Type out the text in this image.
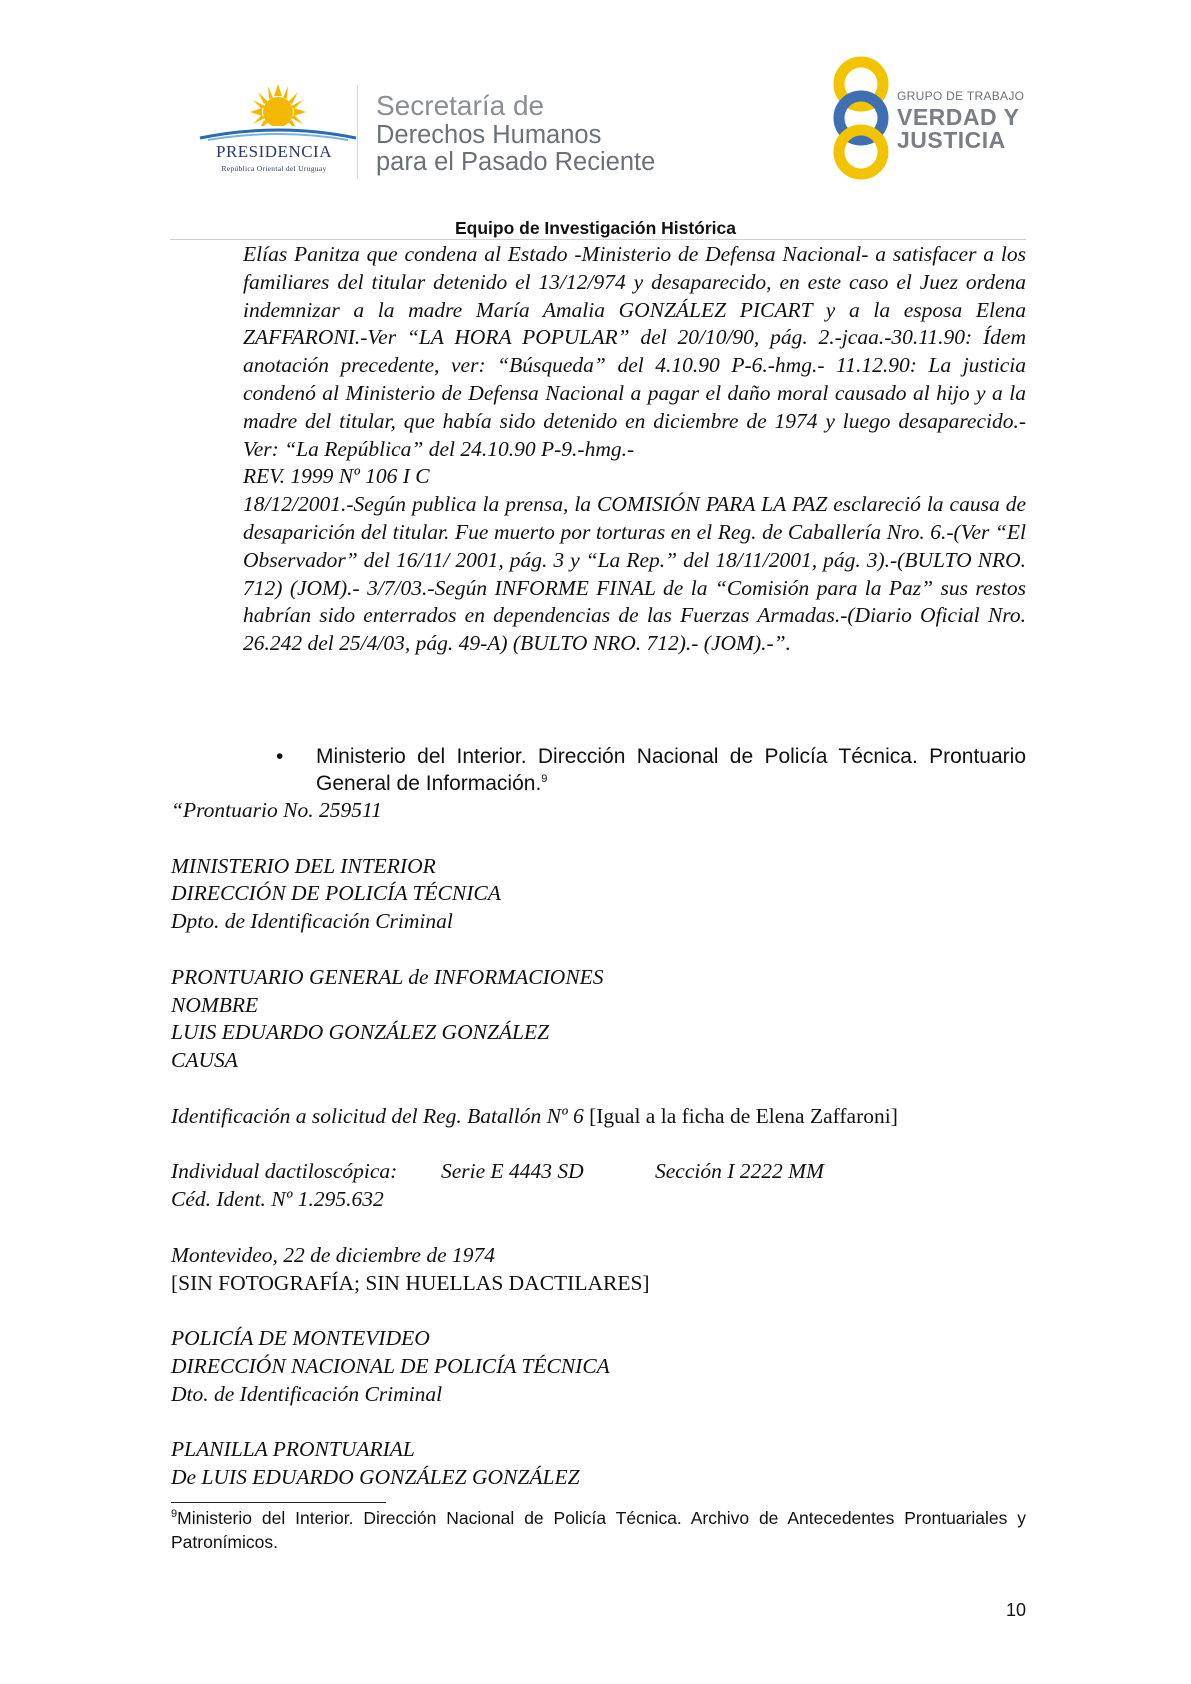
PRESIDENCIA
República Oriental del Uruguay
Secretaría de
Derechos Humanos
para el Pasado Reciente
GRUPO DE TRABAJO
VERDAD Y
JUSTICIA
Equipo de Investigación Histórica

Elías Panitza que condena al Estado -Ministerio de Defensa Nacional- a satisfacer a los familiares del titular detenido el 13/12/974 y desaparecido, en este caso el Juez ordena indemnizar a la madre María Amalia GONZÁLEZ PICART y a la esposa Elena ZAFFARONI.-Ver “LA HORA POPULAR” del 20/10/90, pág. 2.-jcaa.-30.11.90: Ídem anotación precedente, ver: “Búsqueda” del 4.10.90 P-6.-hmg.- 11.12.90: La justicia condenó al Ministerio de Defensa Nacional a pagar el daño moral causado al hijo y a la madre del titular, que había sido detenido en diciembre de 1974 y luego desaparecido.-Ver: “La República” del 24.10.90 P-9.-hmg.-

REV. 1999 Nº 106 I C

18/12/2001.-Según publica la prensa, la COMISIÓN PARA LA PAZ esclareció la causa de desaparición del titular. Fue muerto por torturas en el Reg. de Caballería Nro. 6.-(Ver “El Observador” del 16/11/ 2001, pág. 3 y “La Rep.” del 18/11/2001, pág. 3).-(BULTO NRO. 712) (JOM).- 3/7/03.-Según INFORME FINAL de la “Comisión para la Paz” sus restos habrían sido enterrados en dependencias de las Fuerzas Armadas.-(Diario Oficial Nro. 26.242 del 25/4/03, pág. 49-A) (BULTO NRO. 712).- (JOM).-”.

• Ministerio del Interior. Dirección Nacional de Policía Técnica. Prontuario General de Información.$^9$
“Prontuario No. 259511
MINISTERIO DEL INTERIOR
DIRECCIÓN DE POLICÍA TÉCNICA
Dpto. de Identificación Criminal
PRONTUARIO GENERAL de INFORMACIONES
NOMBRE
LUIS EDUARDO GONZÁLEZ GONZÁLEZ
CAUSA
Identificación a solicitud del Reg. Batallón Nº 6 [Igual a la ficha de Elena Zaffaroni]
Individual dactiloscópica: Serie E 4443 SD	Sección I 2222 MM
Céd. Ident. Nº 1.295.632
Montevideo, 22 de diciembre de 1974
[SIN FOTOGRAFÍA; SIN HUELLAS DACTILARES]
POLICÍA DE MONTEVIDEO
DIRECCIÓN NACIONAL DE POLICÍA TÉCNICA
Dto. de Identificación Criminal
PLANILLA PRONTUARIAL
De LUIS EDUARDO GONZÁLEZ GONZÁLEZ
$^9$Ministerio del Interior. Dirección Nacional de Policía Técnica. Archivo de Antecedentes Prontuariales y Patronímicos.
10
